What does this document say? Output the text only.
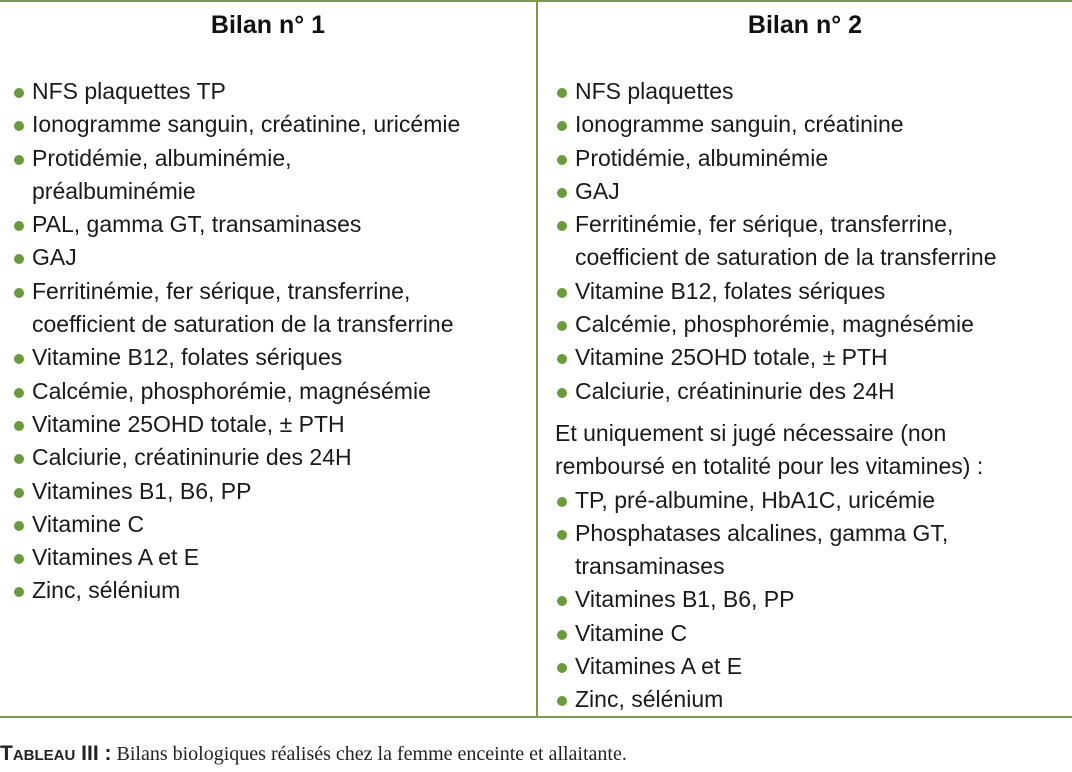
Bilan n° 1
NFS plaquettes TP
Ionogramme sanguin, créatinine, uricémie
Protidémie, albuminémie,
préalbuminémie
PAL, gamma GT, transaminases
GAJ
Ferritinémie, fer sérique, transferrine,
coefficient de saturation de la transferrine
Vitamine B12, folates sériques
Calcémie, phosphorémie, magnésémie
Vitamine 25OHD totale, ± PTH
Calciurie, créatininurie des 24H
Vitamines B1, B6, PP
Vitamine C
Vitamines A et E
Zinc, sélénium
Bilan n° 2
NFS plaquettes
Ionogramme sanguin, créatinine
Protidémie, albuminémie
GAJ
Ferritinémie, fer sérique, transferrine,
coefficient de saturation de la transferrine
Vitamine B12, folates sériques
Calcémie, phosphorémie, magnésémie
Vitamine 25OHD totale, ± PTH
Calciurie, créatininurie des 24H
Et uniquement si jugé nécessaire (non
remboursé en totalité pour les vitamines) :
TP, pré-albumine, HbA1C, uricémie
Phosphatases alcalines, gamma GT,
transaminases
Vitamines B1, B6, PP
Vitamine C
Vitamines A et E
Zinc, sélénium
Tableau III : Bilans biologiques réalisés chez la femme enceinte et allaitante.
